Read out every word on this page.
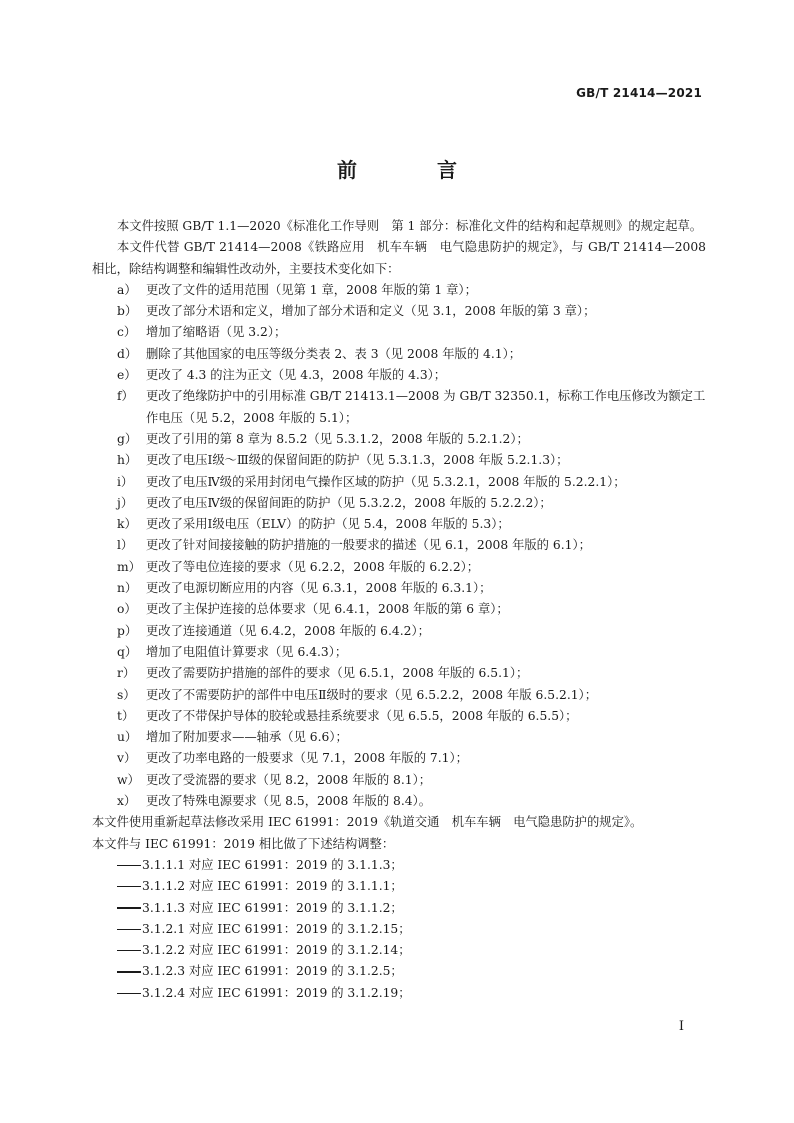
GB/T 21414—2021
前　言
本文件按照 GB/T 1.1—2020《标准化工作导则　第 1 部分：标准化文件的结构和起草规则》的规定起草。
本文件代替 GB/T 21414—2008《铁路应用　机车车辆　电气隐患防护的规定》，与 GB/T 21414—2008 相比，除结构调整和编辑性改动外，主要技术变化如下：
a） 更改了文件的适用范围（见第 1 章，2008 年版的第 1 章）；
b） 更改了部分术语和定义，增加了部分术语和定义（见 3.1，2008 年版的第 3 章）；
c） 增加了缩略语（见 3.2）；
d） 删除了其他国家的电压等级分类表 2、表 3（见 2008 年版的 4.1）；
e） 更改了 4.3 的注为正文（见 4.3，2008 年版的 4.3）；
f） 更改了绝缘防护中的引用标准 GB/T 21413.1—2008 为 GB/T 32350.1，标称工作电压修改为额定工作电压（见 5.2，2008 年版的 5.1）；
g） 更改了引用的第 8 章为 8.5.2（见 5.3.1.2，2008 年版的 5.2.1.2）；
h） 更改了电压Ⅰ级～Ⅲ级的保留间距的防护（见 5.3.1.3，2008 年版 5.2.1.3）；
i）	更改了电压Ⅳ级的采用封闭电气操作区域的防护（见 5.3.2.1，2008 年版的 5.2.2.1）；
j）	更改了电压Ⅳ级的保留间距的防护（见 5.3.2.2，2008 年版的 5.2.2.2）；
k） 更改了采用Ⅰ级电压（ELV）的防护（见 5.4，2008 年版的 5.3）；
l）	更改了针对间接接触的防护措施的一般要求的描述（见 6.1，2008 年版的 6.1）；
m） 更改了等电位连接的要求（见 6.2.2，2008 年版的 6.2.2）；
n） 更改了电源切断应用的内容（见 6.3.1，2008 年版的 6.3.1）；
o） 更改了主保护连接的总体要求（见 6.4.1，2008 年版的第 6 章）；
p） 更改了连接通道（见 6.4.2，2008 年版的 6.4.2）；
q） 增加了电阻值计算要求（见 6.4.3）；
r） 更改了需要防护措施的部件的要求（见 6.5.1，2008 年版的 6.5.1）；
s） 更改了不需要防护的部件中电压Ⅱ级时的要求（见 6.5.2.2，2008 年版 6.5.2.1）；
t） 更改了不带保护导体的胶轮或悬挂系统要求（见 6.5.5，2008 年版的 6.5.5）；
u） 增加了附加要求——轴承（见 6.6）；
v） 更改了功率电路的一般要求（见 7.1，2008 年版的 7.1）；
w） 更改了受流器的要求（见 8.2，2008 年版的 8.1）；
x） 更改了特殊电源要求（见 8.5，2008 年版的 8.4）。
本文件使用重新起草法修改采用 IEC 61991：2019《轨道交通　机车车辆　电气隐患防护的规定》。
本文件与 IEC 61991：2019 相比做了下述结构调整：
3.1.1.1 对应 IEC 61991：2019 的 3.1.1.3；
3.1.1.2 对应 IEC 61991：2019 的 3.1.1.1；
3.1.1.3 对应 IEC 61991：2019 的 3.1.1.2；
3.1.2.1 对应 IEC 61991：2019 的 3.1.2.15；
3.1.2.2 对应 IEC 61991：2019 的 3.1.2.14；
3.1.2.3 对应 IEC 61991：2019 的 3.1.2.5；
3.1.2.4 对应 IEC 61991：2019 的 3.1.2.19；
Ⅰ
